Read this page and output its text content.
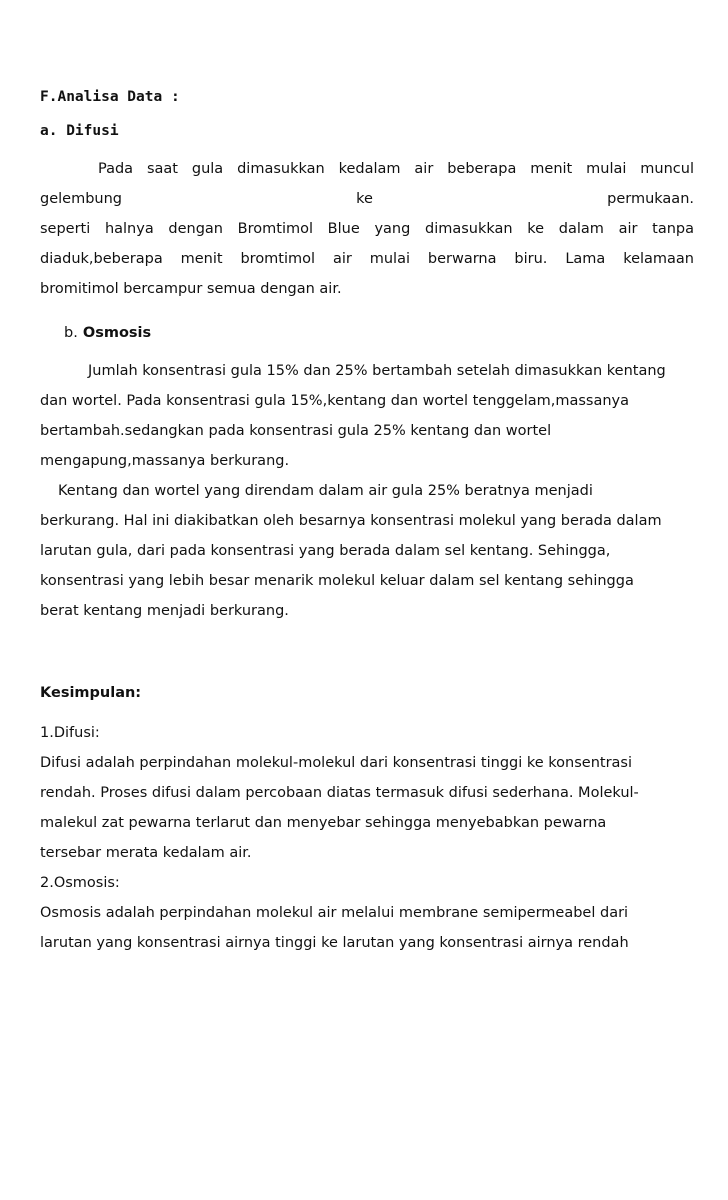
F.Analisa Data :
a. Difusi

Pada saat gula dimasukkan kedalam air beberapa menit mulai muncul

gelembung ke permukaan.

seperti halnya dengan Bromtimol Blue yang dimasukkan ke dalam air tanpa

diaduk,beberapa menit bromtimol air mulai berwarna biru. Lama kelamaan

bromitimol bercampur semua dengan air.

b. Osmosis

Jumlah konsentrasi gula 15% dan 25% bertambah setelah dimasukkan kentang

dan wortel. Pada konsentrasi gula 15%,kentang dan wortel tenggelam,massanya

bertambah.sedangkan pada konsentrasi gula 25% kentang dan wortel

mengapung,massanya berkurang.

Kentang dan wortel yang direndam dalam air gula 25% beratnya menjadi

berkurang. Hal ini diakibatkan oleh besarnya konsentrasi molekul yang berada dalam

larutan gula, dari pada konsentrasi yang berada dalam sel kentang. Sehingga,

konsentrasi yang lebih besar menarik molekul keluar dalam sel kentang sehingga

berat kentang menjadi berkurang.

Kesimpulan:

1.Difusi:

Difusi adalah perpindahan molekul-molekul dari konsentrasi tinggi ke konsentrasi

rendah. Proses difusi dalam percobaan diatas termasuk difusi sederhana. Molekul-

malekul zat pewarna terlarut dan menyebar sehingga menyebabkan pewarna

tersebar merata kedalam air.

2.Osmosis:

Osmosis adalah perpindahan molekul air melalui membrane semipermeabel dari

larutan yang konsentrasi airnya tinggi ke larutan yang konsentrasi airnya rendah
